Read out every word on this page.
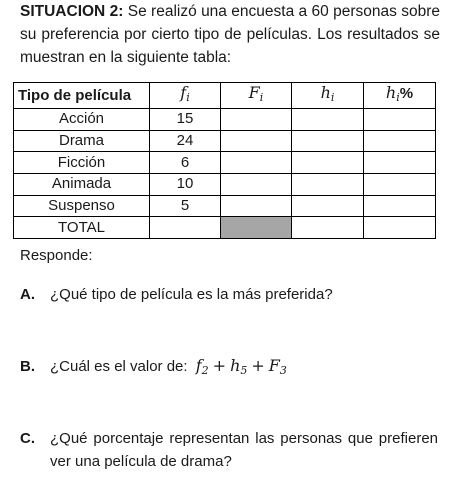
SITUACION 2: Se realizó una encuesta a 60 personas sobre su preferencia por cierto tipo de películas. Los resultados se muestran en la siguiente tabla:

Tipo de película	$f_i$	$F_i$	$h_i$	$h_i\%$
Acción	15			
Drama	24			
Ficción	6			
Animada	10			
Suspenso	5			
TOTAL				
Responde:
A. ¿Qué tipo de película es la más preferida?
B. ¿Cuál es el valor de: $f_2 + h_5 + F_3$
C. ¿Qué porcentaje representan las personas que prefieren ver una película de drama?
